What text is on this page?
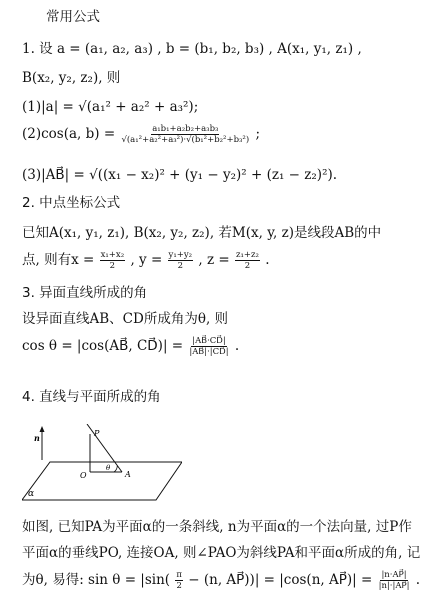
常用公式
1. 设 a = (a₁, a₂, a₃) , b = (b₁, b₂, b₃) , A(x₁, y₁, z₁) ,
B(x₂, y₂, z₂), 则
(1)|a| = √(a₁² + a₂² + a₃²);
(2)cos(a, $b) = \frac{\text{a₁b₁+a₂b₂+a₃b₃}}{\text{√(a₁²+a₂²+a₃²)·√(b₁²+b₂²+b₃²)}}$ ;
(3)|AB⃗| = √((x₁ − x₂)² + (y₁ − y₂)² + (z₁ − z₂)²).
2. 中点坐标公式
已知A(x₁, y₁, z₁), B(x₂, y₂, z₂), 若M(x, y, z)是线段AB的中
点, 则有$x = \frac{\text{x₁+x₂}}{2}$ , $y = \frac{\text{y₁+y₂}}{2}$ , $z = \frac{\text{z₁+z₂}}{2}$ .
3. 异面直线所成的角
设异面直线AB、CD所成角为θ, 则
cos θ = |cos(AB⃗, CD⃗)| = $\frac{|AB⃗\cdot CD⃗|}{|AB⃗|\cdot|CD⃗|}$ .
4. 直线与平面所成的角
n	P
O	A
θ
α
如图, 已知PA为平面α的一条斜线, n为平面α的一个法向量, 过P作
平面α的垂线PO, 连接OA, 则∠PAO为斜线PA和平面α所成的角, 记
为θ, 易得: $\sin \theta = |\sin( \frac{\pi}{2} - (n$, AP⃗))| = |cos(n, AP⃗)| = $\frac{|n\cdot AP⃗|}{|n|\cdot|AP⃗|}$ .
